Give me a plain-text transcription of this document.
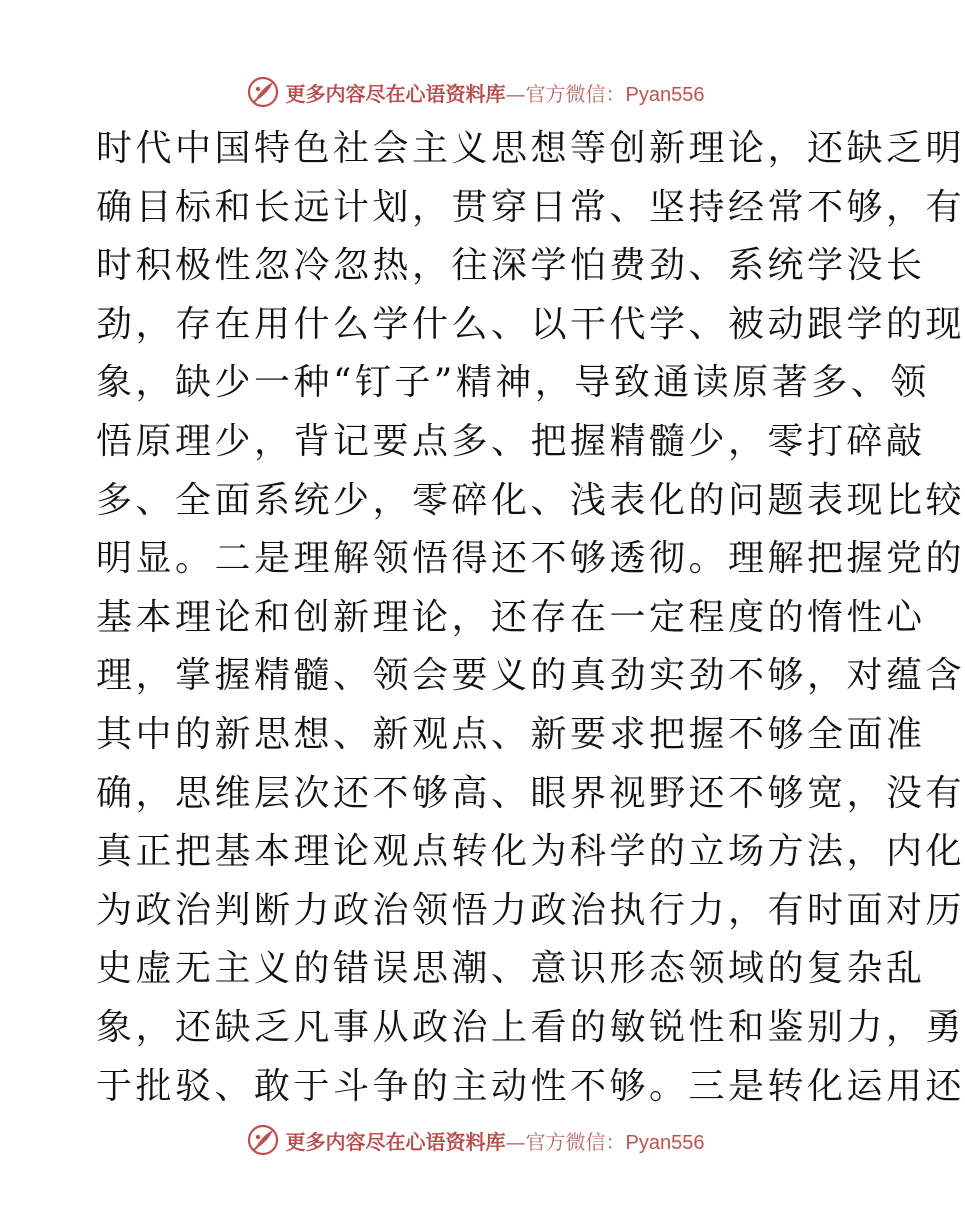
更多内容尽在心语资料库—官方微信：Pyan556
时代中国特色社会主义思想等创新理论，还缺乏明
确目标和长远计划，贯穿日常、坚持经常不够，有
时积极性忽冷忽热，往深学怕费劲、系统学没长
劲，存在用什么学什么、以干代学、被动跟学的现
象，缺少一种“钉子”精神，导致通读原著多、领
悟原理少，背记要点多、把握精髓少，零打碎敲
多、全面系统少，零碎化、浅表化的问题表现比较
明显。二是理解领悟得还不够透彻。理解把握党的
基本理论和创新理论，还存在一定程度的惰性心
理，掌握精髓、领会要义的真劲实劲不够，对蕴含
其中的新思想、新观点、新要求把握不够全面准
确，思维层次还不够高、眼界视野还不够宽，没有
真正把基本理论观点转化为科学的立场方法，内化
为政治判断力政治领悟力政治执行力，有时面对历
史虚无主义的错误思潮、意识形态领域的复杂乱
象，还缺乏凡事从政治上看的敏锐性和鉴别力，勇
于批驳、敢于斗争的主动性不够。三是转化运用还
更多内容尽在心语资料库—官方微信：Pyan556
